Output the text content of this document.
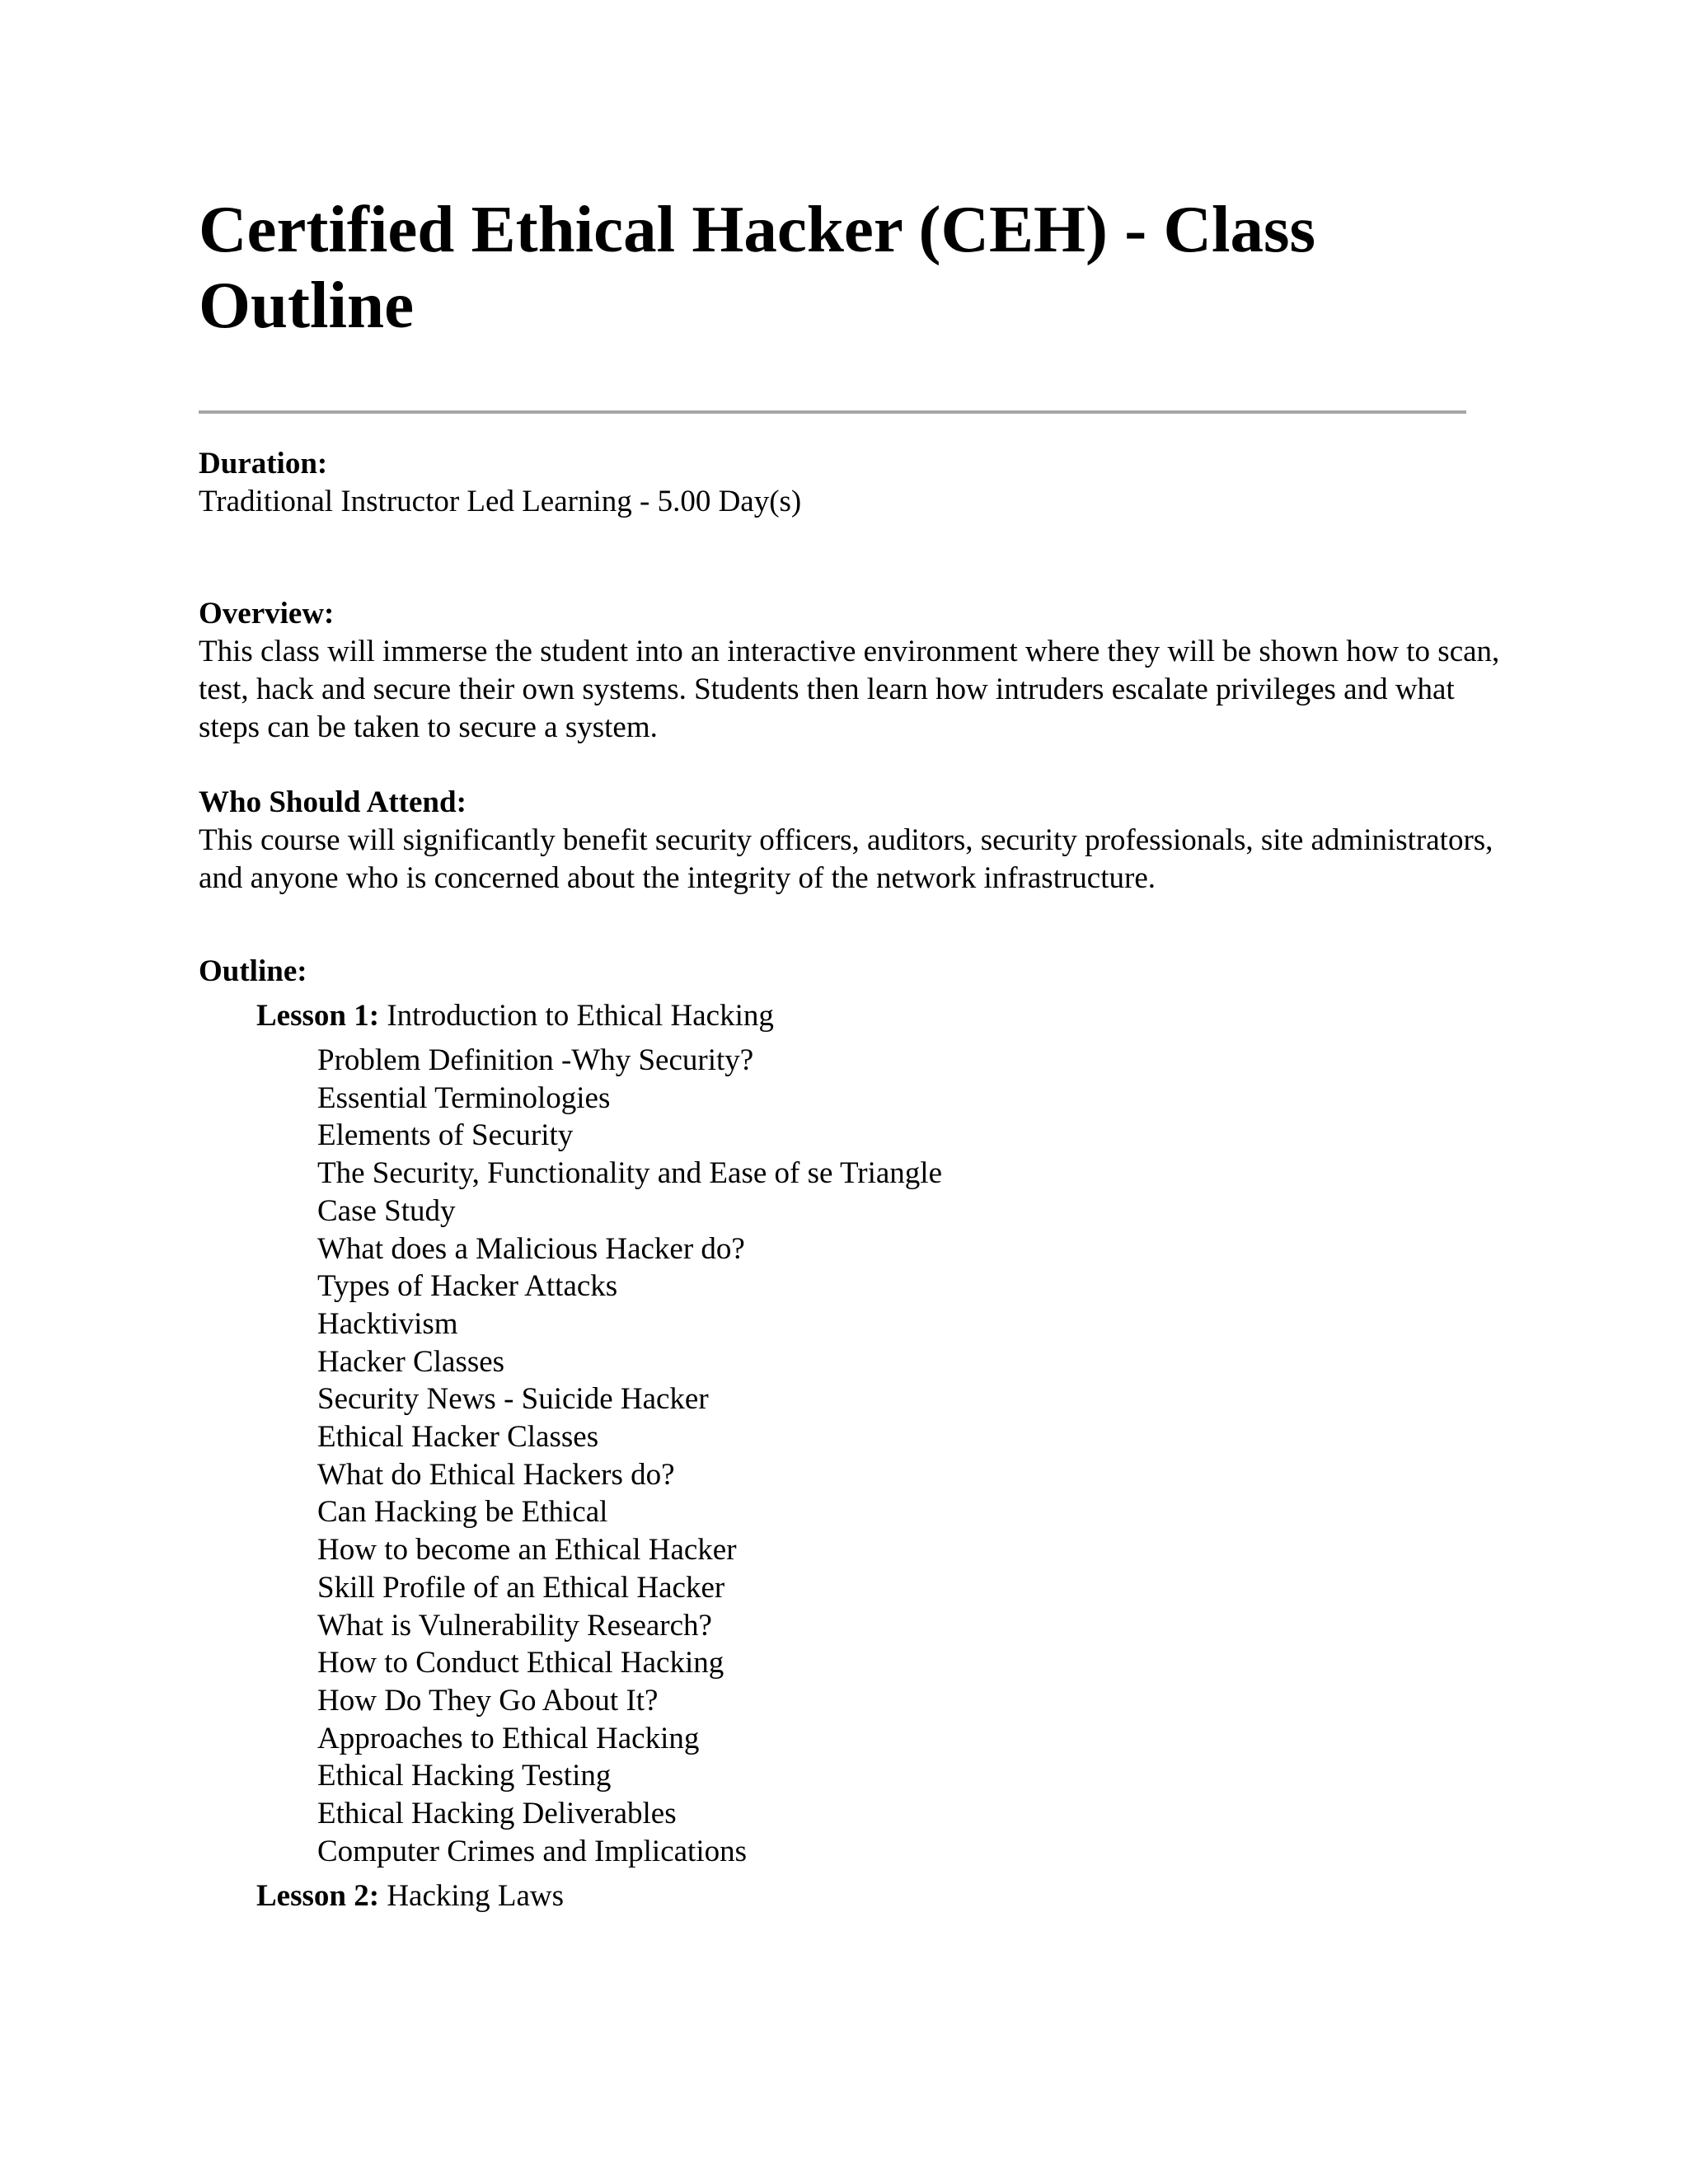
Certified Ethical Hacker (CEH) - Class Outline

Duration:

Traditional Instructor Led Learning - 5.00 Day(s)

Overview:

This class will immerse the student into an interactive environment where they will be shown how to scan, test, hack and secure their own systems. Students then learn how intruders escalate privileges and what steps can be taken to secure a system.

Who Should Attend:

This course will significantly benefit security officers, auditors, security professionals, site administrators, and anyone who is concerned about the integrity of the network infrastructure.

Outline:

Lesson 1: Introduction to Ethical Hacking
Problem Definition -Why Security?
Essential Terminologies
Elements of Security
The Security, Functionality and Ease of se Triangle
Case Study
What does a Malicious Hacker do?
Types of Hacker Attacks
Hacktivism
Hacker Classes
Security News - Suicide Hacker
Ethical Hacker Classes
What do Ethical Hackers do?
Can Hacking be Ethical
How to become an Ethical Hacker
Skill Profile of an Ethical Hacker
What is Vulnerability Research?
How to Conduct Ethical Hacking
How Do They Go About It?
Approaches to Ethical Hacking
Ethical Hacking Testing
Ethical Hacking Deliverables
Computer Crimes and Implications
Lesson 2: Hacking Laws
